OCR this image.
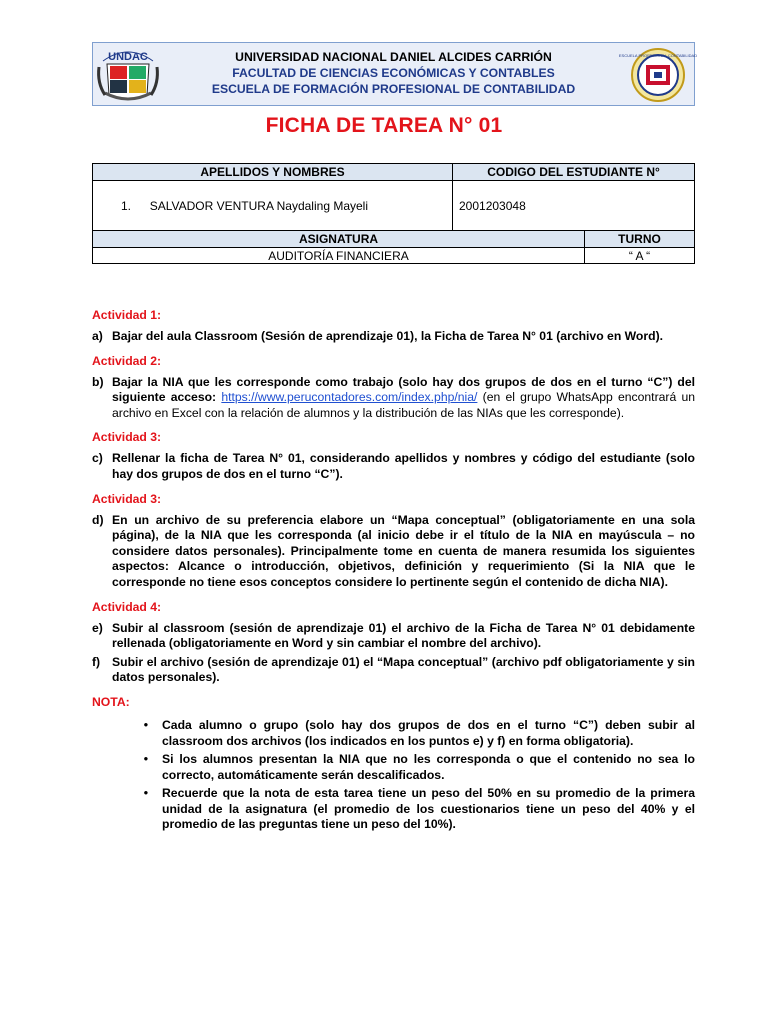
UNDAC	UNIVERSIDAD NACIONAL DANIEL ALCIDES CARRIÓN
FACULTAD DE CIENCIAS ECONÓMICAS Y CONTABLES
ESCUELA DE FORMACIÓN PROFESIONAL DE CONTABILIDAD
ESCUELA PROFESIONAL CONTABILIDAD
FICHA DE TAREA N° 01
APELLIDOS Y NOMBRES	CODIGO DEL ESTUDIANTE N°	
1. SALVADOR VENTURA Naydaling Mayeli	2001203048	
ASIGNATURA		TURNO
AUDITORÍA FINANCIERA		“ A “
Actividad 1:
a) Bajar del aula Classroom (Sesión de aprendizaje 01), la Ficha de Tarea N° 01 (archivo en Word).
Actividad 2:
b) Bajar la NIA que les corresponde como trabajo (solo hay dos grupos de dos en el turno “C”) del siguiente acceso: https://www.perucontadores.com/index.php/nia/ (en el grupo WhatsApp encontrará un archivo en Excel con la relación de alumnos y la distribución de las NIAs que les corresponde).
Actividad 3:
c) Rellenar la ficha de Tarea N° 01, considerando apellidos y nombres y código del estudiante (solo hay dos grupos de dos en el turno “C”).
Actividad 3:
d) En un archivo de su preferencia elabore un “Mapa conceptual” (obligatoriamente en una sola página), de la NIA que les corresponda (al inicio debe ir el título de la NIA en mayúscula – no considere datos personales). Principalmente tome en cuenta de manera resumida los siguientes aspectos: Alcance o introducción, objetivos, definición y requerimiento (Si la NIA que le corresponde no tiene esos conceptos considere lo pertinente según el contenido de dicha NIA).
Actividad 4:
e) Subir al classroom (sesión de aprendizaje 01) el archivo de la Ficha de Tarea N° 01 debidamente rellenada (obligatoriamente en Word y sin cambiar el nombre del archivo).
f) Subir el archivo (sesión de aprendizaje 01) el “Mapa conceptual” (archivo pdf obligatoriamente y sin datos personales).
NOTA:
•	Cada alumno o grupo (solo hay dos grupos de dos en el turno “C”) deben subir al classroom dos archivos (los indicados en los puntos e) y f) en forma obligatoria).
•	Si los alumnos presentan la NIA que no les corresponda o que el contenido no sea lo correcto, automáticamente serán descalificados.
•	Recuerde que la nota de esta tarea tiene un peso del 50% en su promedio de la primera unidad de la asignatura (el promedio de los cuestionarios tiene un peso del 40% y el promedio de las preguntas tiene un peso del 10%).
